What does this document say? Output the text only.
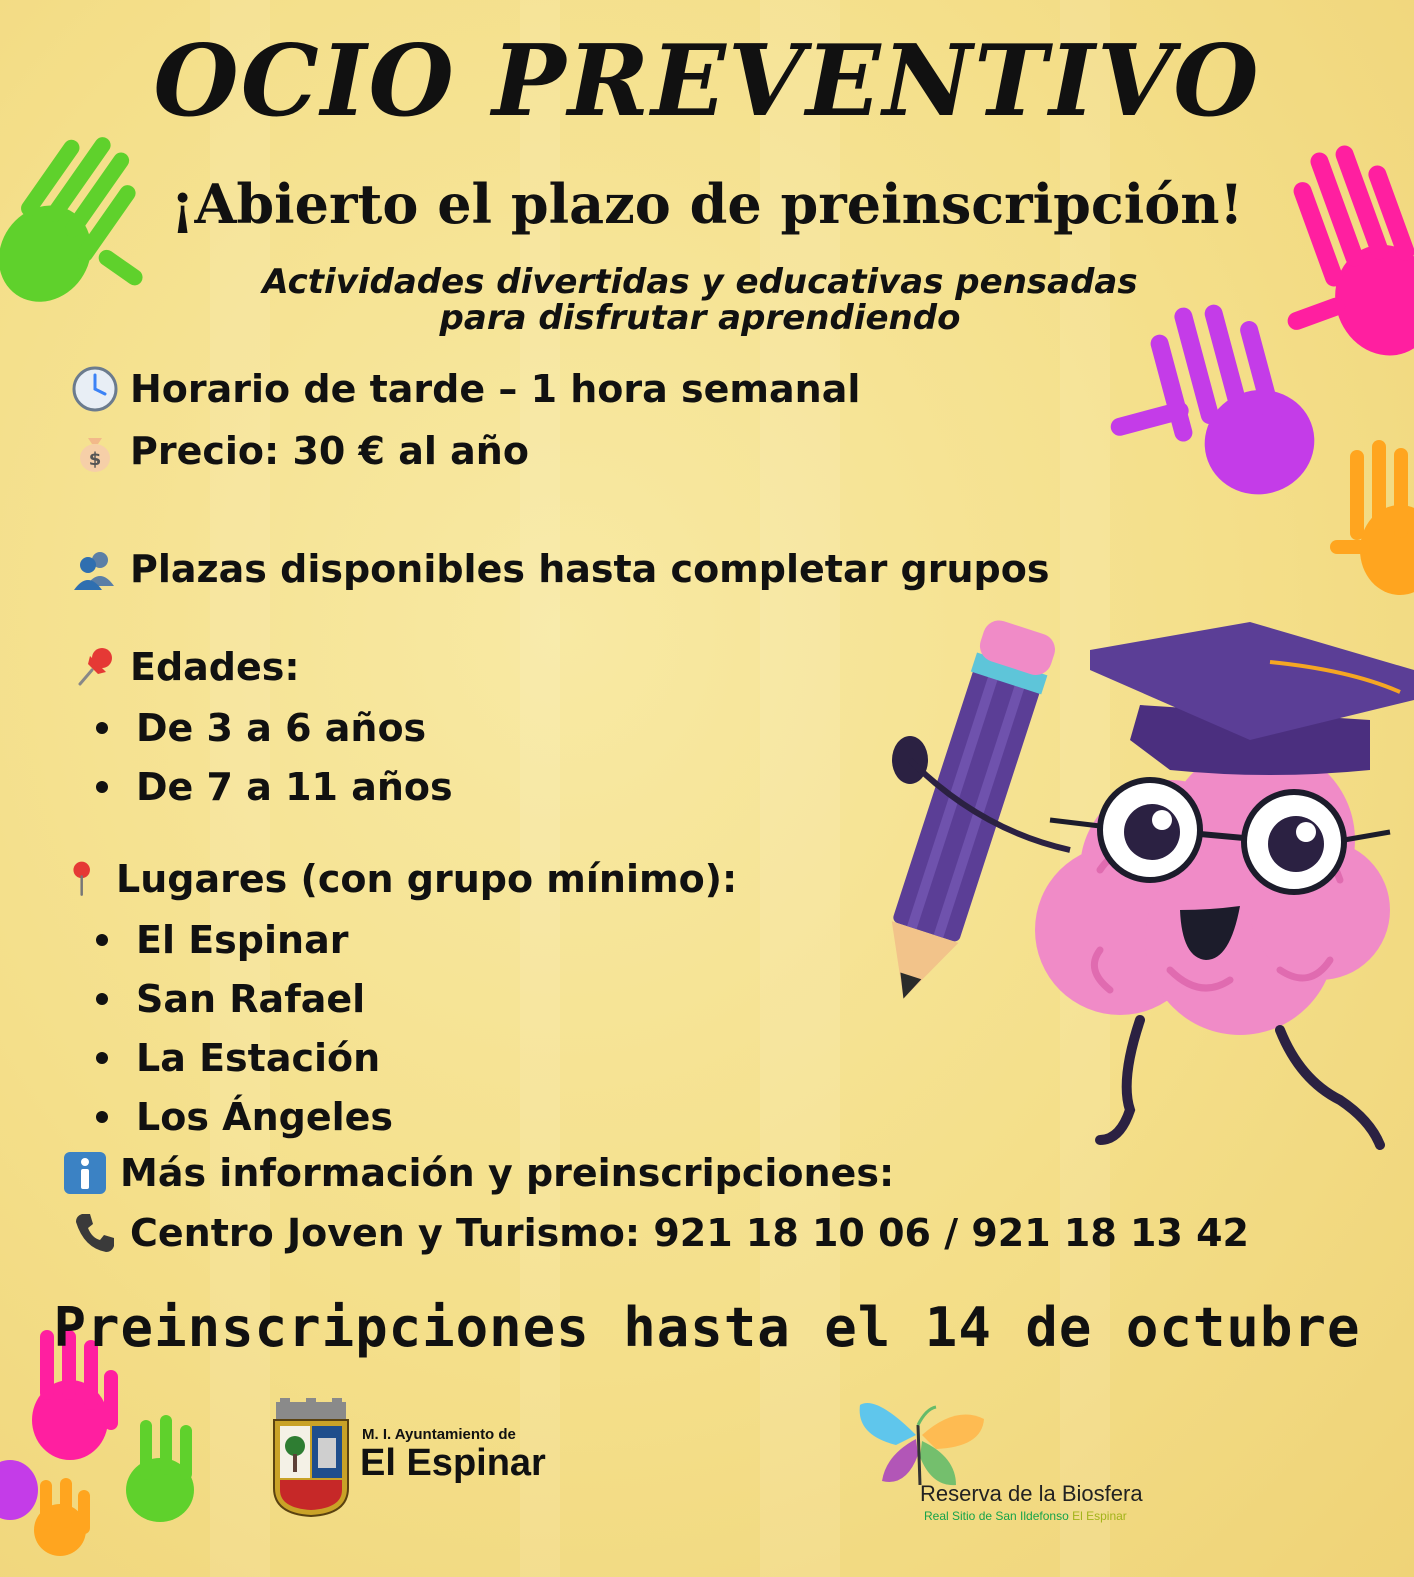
OCIO PREVENTIVO
¡Abierto el plazo de preinscripción!
Actividades divertidas y educativas pensadas
para disfrutar aprendiendo
Horario de tarde – 1 hora semanal
$ Precio: 30 € al año
Plazas disponibles hasta completar grupos
Edades:
De 3 a 6 años
De 7 a 11 años
Lugares (con grupo mínimo):
El Espinar
San Rafael
La Estación
Los Ángeles
Más información y preinscripciones:
Centro Joven y Turismo: 921 18 10 06 / 921 18 13 42
Preinscripciones hasta el 14 de octubre
M. I. Ayuntamiento de
El Espinar
Reserva de la Biosfera
Real Sitio de San Ildefonso El Espinar
